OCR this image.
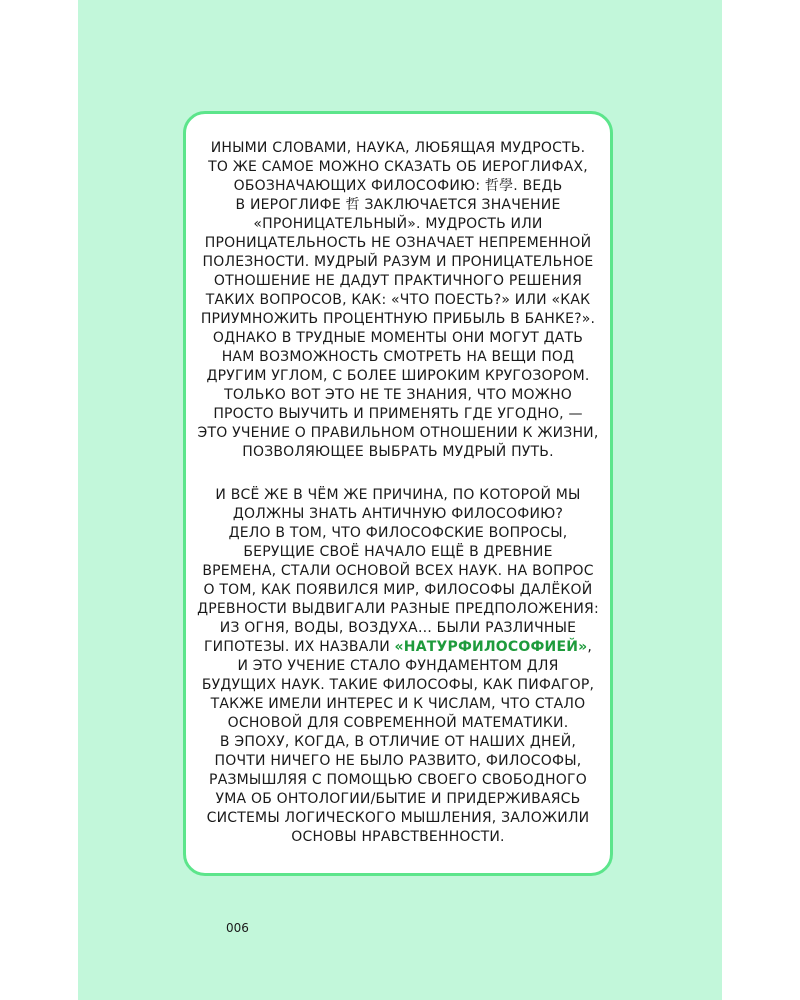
ИНЫМИ СЛОВАМИ, НАУКА, ЛЮБЯЩАЯ МУДРОСТЬ.
ТО ЖЕ САМОЕ МОЖНО СКАЗАТЬ ОБ ИЕРОГЛИФАХ,
ОБОЗНАЧАЮЩИХ ФИЛОСОФИЮ: 哲學. ВЕДЬ
В ИЕРОГЛИФЕ 哲 ЗАКЛЮЧАЕТСЯ ЗНАЧЕНИЕ
«ПРОНИЦАТЕЛЬНЫЙ». МУДРОСТЬ ИЛИ
ПРОНИЦАТЕЛЬНОСТЬ НЕ ОЗНАЧАЕТ НЕПРЕМЕННОЙ
ПОЛЕЗНОСТИ. МУДРЫЙ РАЗУМ И ПРОНИЦАТЕЛЬНОЕ
ОТНОШЕНИЕ НЕ ДАДУТ ПРАКТИЧНОГО РЕШЕНИЯ
ТАКИХ ВОПРОСОВ, КАК: «ЧТО ПОЕСТЬ?» ИЛИ «КАК
ПРИУМНОЖИТЬ ПРОЦЕНТНУЮ ПРИБЫЛЬ В БАНКЕ?».
ОДНАКО В ТРУДНЫЕ МОМЕНТЫ ОНИ МОГУТ ДАТЬ
НАМ ВОЗМОЖНОСТЬ СМОТРЕТЬ НА ВЕЩИ ПОД
ДРУГИМ УГЛОМ, С БОЛЕЕ ШИРОКИМ КРУГОЗОРОМ.
ТОЛЬКО ВОТ ЭТО НЕ ТЕ ЗНАНИЯ, ЧТО МОЖНО
ПРОСТО ВЫУЧИТЬ И ПРИМЕНЯТЬ ГДЕ УГОДНО, —
ЭТО УЧЕНИЕ О ПРАВИЛЬНОМ ОТНОШЕНИИ К ЖИЗНИ,
ПОЗВОЛЯЮЩЕЕ ВЫБРАТЬ МУДРЫЙ ПУТЬ.
И ВСЁ ЖЕ В ЧЁМ ЖЕ ПРИЧИНА, ПО КОТОРОЙ МЫ
ДОЛЖНЫ ЗНАТЬ АНТИЧНУЮ ФИЛОСОФИЮ?
ДЕЛО В ТОМ, ЧТО ФИЛОСОФСКИЕ ВОПРОСЫ,
БЕРУЩИЕ СВОЁ НАЧАЛО ЕЩЁ В ДРЕВНИЕ
ВРЕМЕНА, СТАЛИ ОСНОВОЙ ВСЕХ НАУК. НА ВОПРОС
О ТОМ, КАК ПОЯВИЛСЯ МИР, ФИЛОСОФЫ ДАЛЁКОЙ
ДРЕВНОСТИ ВЫДВИГАЛИ РАЗНЫЕ ПРЕДПОЛОЖЕНИЯ:
ИЗ ОГНЯ, ВОДЫ, ВОЗДУХА… БЫЛИ РАЗЛИЧНЫЕ
ГИПОТЕЗЫ. ИХ НАЗВАЛИ «НАТУРФИЛОСОФИЕЙ»,
И ЭТО УЧЕНИЕ СТАЛО ФУНДАМЕНТОМ ДЛЯ
БУДУЩИХ НАУК. ТАКИЕ ФИЛОСОФЫ, КАК ПИФАГОР,
ТАКЖЕ ИМЕЛИ ИНТЕРЕС И К ЧИСЛАМ, ЧТО СТАЛО
ОСНОВОЙ ДЛЯ СОВРЕМЕННОЙ МАТЕМАТИКИ.
В ЭПОХУ, КОГДА, В ОТЛИЧИЕ ОТ НАШИХ ДНЕЙ,
ПОЧТИ НИЧЕГО НЕ БЫЛО РАЗВИТО, ФИЛОСОФЫ,
РАЗМЫШЛЯЯ С ПОМОЩЬЮ СВОЕГО СВОБОДНОГО
УМА ОБ ОНТОЛОГИИ/БЫТИЕ И ПРИДЕРЖИВАЯСЬ
СИСТЕМЫ ЛОГИЧЕСКОГО МЫШЛЕНИЯ, ЗАЛОЖИЛИ
ОСНОВЫ НРАВСТВЕННОСТИ.
006
